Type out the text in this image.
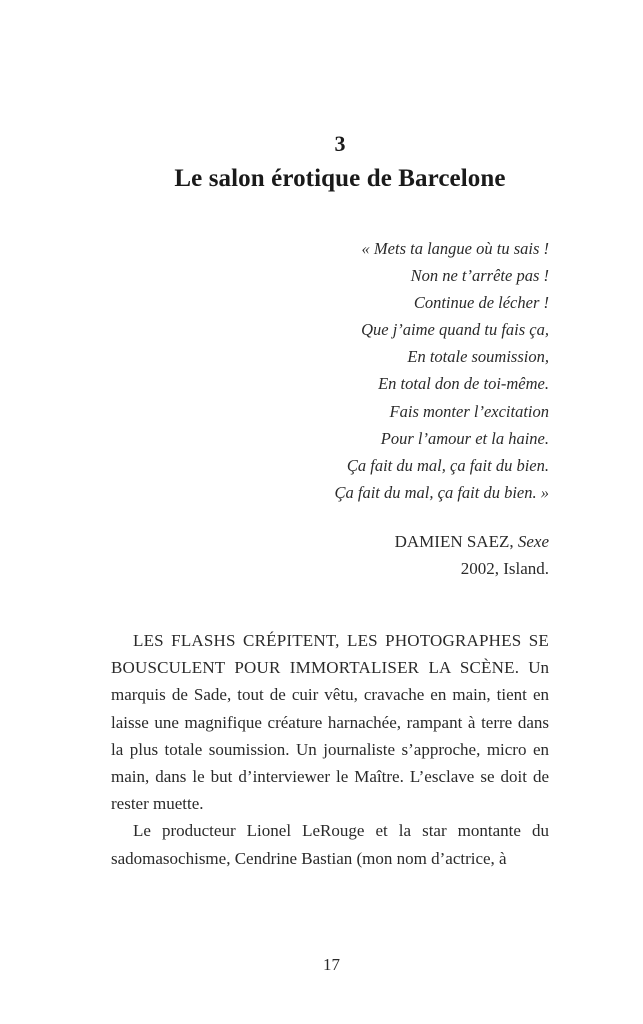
3
Le salon érotique de Barcelone
« Mets ta langue où tu sais !
Non ne t’arrête pas !
Continue de lécher !
Que j’aime quand tu fais ça,
En totale soumission,
En total don de toi-même.
Fais monter l’excitation
Pour l’amour et la haine.
Ça fait du mal, ça fait du bien.
Ça fait du mal, ça fait du bien. »
DAMIEN SAEZ, Sexe
2002, Island.

LES FLASHS CRÉPITENT, LES PHOTOGRAPHES SE BOUSCULENT POUR IMMORTALISER LA SCÈNE. Un marquis de Sade, tout de cuir vêtu, cravache en main, tient en laisse une magnifique créature harnachée, rampant à terre dans la plus totale soumission. Un journaliste s’approche, micro en main, dans le but d’interviewer le Maître. L’esclave se doit de rester muette.

Le producteur Lionel LeRouge et la star montante du sadomasochisme, Cendrine Bastian (mon nom d’actrice, à

17
